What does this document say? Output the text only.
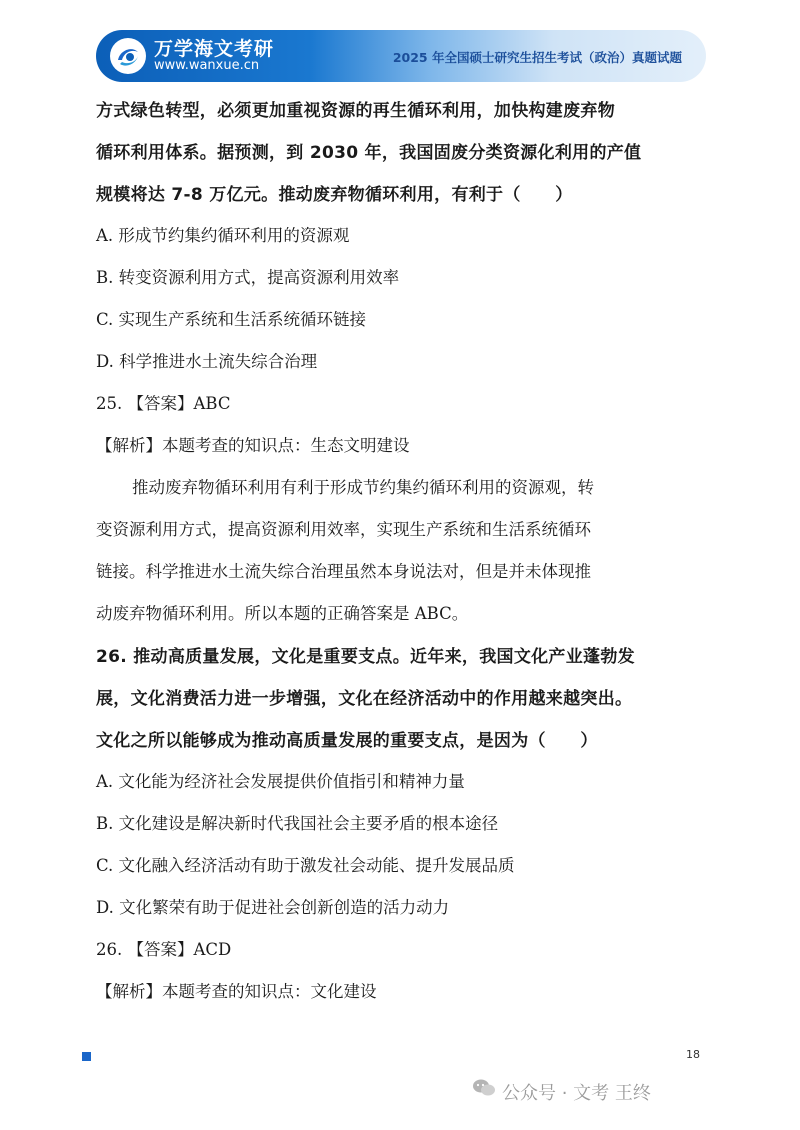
万学海文考研
www.wanxue.cn
2025 年全国硕士研究生招生考试（政治）真题试题
方式绿色转型，必须更加重视资源的再生循环利用，加快构建废弃物
循环利用体系。据预测，到 2030 年，我国固废分类资源化利用的产值
规模将达 7-8 万亿元。推动废弃物循环利用，有利于（　　）
A. 形成节约集约循环利用的资源观
B. 转变资源利用方式，提高资源利用效率
C. 实现生产系统和生活系统循环链接
D. 科学推进水土流失综合治理
25. 【答案】ABC
【解析】本题考查的知识点：生态文明建设
推动废弃物循环利用有利于形成节约集约循环利用的资源观，转
变资源利用方式，提高资源利用效率，实现生产系统和生活系统循环
链接。科学推进水土流失综合治理虽然本身说法对，但是并未体现推
动废弃物循环利用。所以本题的正确答案是 ABC。
26. 推动高质量发展，文化是重要支点。近年来，我国文化产业蓬勃发
展，文化消费活力进一步增强，文化在经济活动中的作用越来越突出。
文化之所以能够成为推动高质量发展的重要支点，是因为（　　）
A. 文化能为经济社会发展提供价值指引和精神力量
B. 文化建设是解决新时代我国社会主要矛盾的根本途径
C. 文化融入经济活动有助于激发社会动能、提升发展品质
D. 文化繁荣有助于促进社会创新创造的活力动力
26. 【答案】ACD
【解析】本题考查的知识点：文化建设
18
公众号 · 文考 王终
